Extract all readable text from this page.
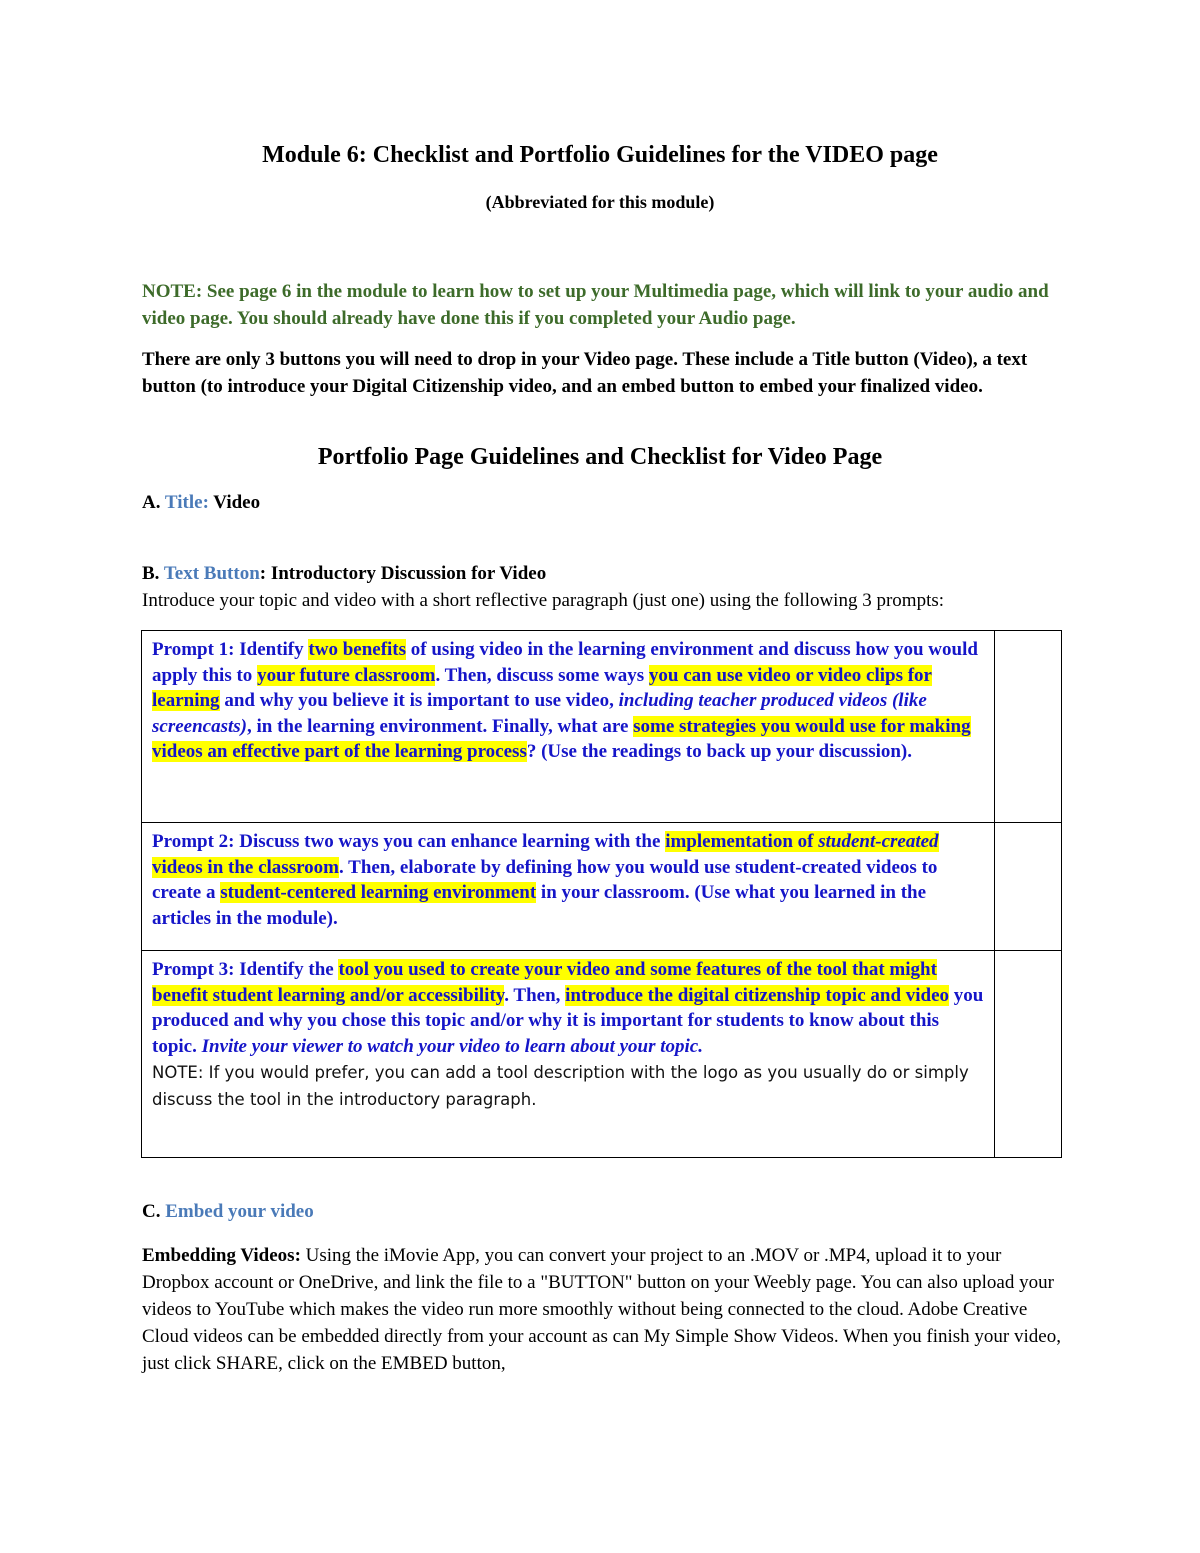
Module 6: Checklist and Portfolio Guidelines for the VIDEO page
(Abbreviated for this module)
NOTE: See page 6 in the module to learn how to set up your Multimedia page, which will link to your audio and video page. You should already have done this if you completed your Audio page.
There are only 3 buttons you will need to drop in your Video page. These include a Title button (Video), a text button (to introduce your Digital Citizenship video, and an embed button to embed your finalized video.
Portfolio Page Guidelines and Checklist for Video Page
A. Title: Video
B. Text Button: Introductory Discussion for Video
Introduce your topic and video with a short reflective paragraph (just one) using the following 3 prompts:
Prompt 1: Identify two benefits of using video in the learning environment and discuss how you would apply this to your future classroom. Then, discuss some ways you can use video or video clips for learning and why you believe it is important to use video, including teacher produced videos (like screencasts), in the learning environment. Finally, what are some strategies you would use for making videos an effective part of the learning process? (Use the readings to back up your discussion).	

Prompt 2: Discuss two ways you can enhance learning with the implementation of student-created videos in the classroom. Then, elaborate by defining how you would use student-created videos to create a student-centered learning environment in your classroom. (Use what you learned in the articles in the module).	

Prompt 3: Identify the tool you used to create your video and some features of the tool that might benefit student learning and/or accessibility. Then, introduce the digital citizenship topic and video you produced and why you chose this topic and/or why it is important for students to know about this topic. Invite your viewer to watch your video to learn about your topic.
NOTE: If you would prefer, you can add a tool description with the logo as you usually do or simply discuss the tool in the introductory paragraph.	

C. Embed your video
Embedding Videos: Using the iMovie App, you can convert your project to an .MOV or .MP4, upload it to your Dropbox account or OneDrive, and link the file to a "BUTTON" button on your Weebly page. You can also upload your videos to YouTube which makes the video run more smoothly without being connected to the cloud. Adobe Creative Cloud videos can be embedded directly from your account as can My Simple Show Videos. When you finish your video, just click SHARE, click on the EMBED button,
